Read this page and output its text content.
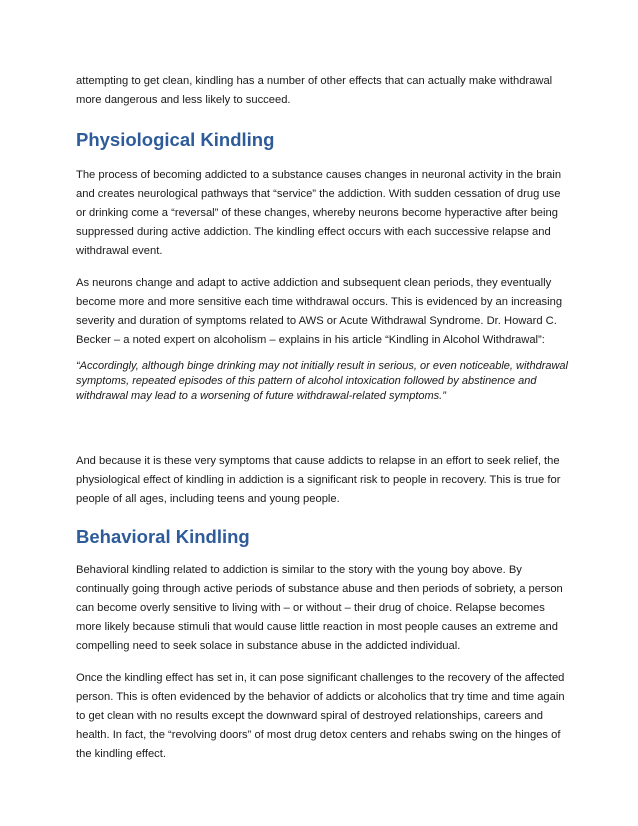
attempting to get clean, kindling has a number of other effects that can actually make withdrawal more dangerous and less likely to succeed.

Physiological Kindling

The process of becoming addicted to a substance causes changes in neuronal activity in the brain and creates neurological pathways that “service” the addiction. With sudden cessation of drug use or drinking come a “reversal” of these changes, whereby neurons become hyperactive after being suppressed during active addiction. The kindling effect occurs with each successive relapse and withdrawal event.

As neurons change and adapt to active addiction and subsequent clean periods, they eventually become more and more sensitive each time withdrawal occurs. This is evidenced by an increasing severity and duration of symptoms related to AWS or Acute Withdrawal Syndrome. Dr. Howard C. Becker – a noted expert on alcoholism – explains in his article “Kindling in Alcohol Withdrawal”:

“Accordingly, although binge drinking may not initially result in serious, or even noticeable, withdrawal symptoms, repeated episodes of this pattern of alcohol intoxication followed by abstinence and withdrawal may lead to a worsening of future withdrawal-related symptoms.”

And because it is these very symptoms that cause addicts to relapse in an effort to seek relief, the physiological effect of kindling in addiction is a significant risk to people in recovery. This is true for people of all ages, including teens and young people.

Behavioral Kindling

Behavioral kindling related to addiction is similar to the story with the young boy above. By continually going through active periods of substance abuse and then periods of sobriety, a person can become overly sensitive to living with – or without – their drug of choice. Relapse becomes more likely because stimuli that would cause little reaction in most people causes an extreme and compelling need to seek solace in substance abuse in the addicted individual.

Once the kindling effect has set in, it can pose significant challenges to the recovery of the affected person. This is often evidenced by the behavior of addicts or alcoholics that try time and time again to get clean with no results except the downward spiral of destroyed relationships, careers and health. In fact, the “revolving doors” of most drug detox centers and rehabs swing on the hinges of the kindling effect.
